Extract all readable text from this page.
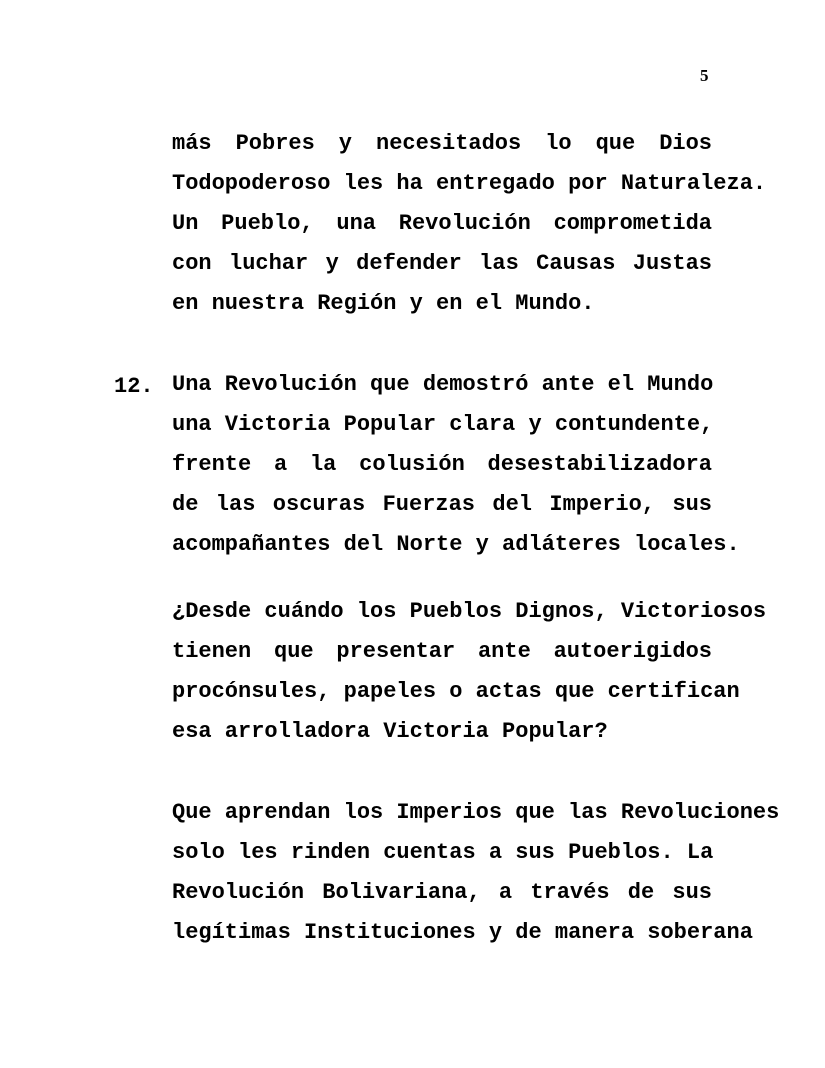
5
más Pobres y necesitados lo que Dios
Todopoderoso les ha entregado por Naturaleza.
Un Pueblo, una Revolución comprometida
con luchar y defender las Causas Justas
en nuestra Región y en el Mundo.
12. Una Revolución que demostró ante el Mundo
una Victoria Popular clara y contundente,
frente a la colusión desestabilizadora
de las oscuras Fuerzas del Imperio, sus
acompañantes del Norte y adláteres locales.
¿Desde cuándo los Pueblos Dignos, Victoriosos
tienen que presentar ante autoerigidos
procónsules, papeles o actas que certifican
esa arrolladora Victoria Popular?
Que aprendan los Imperios que las Revoluciones
solo les rinden cuentas a sus Pueblos. La
Revolución Bolivariana, a través de sus
legítimas Instituciones y de manera soberana
